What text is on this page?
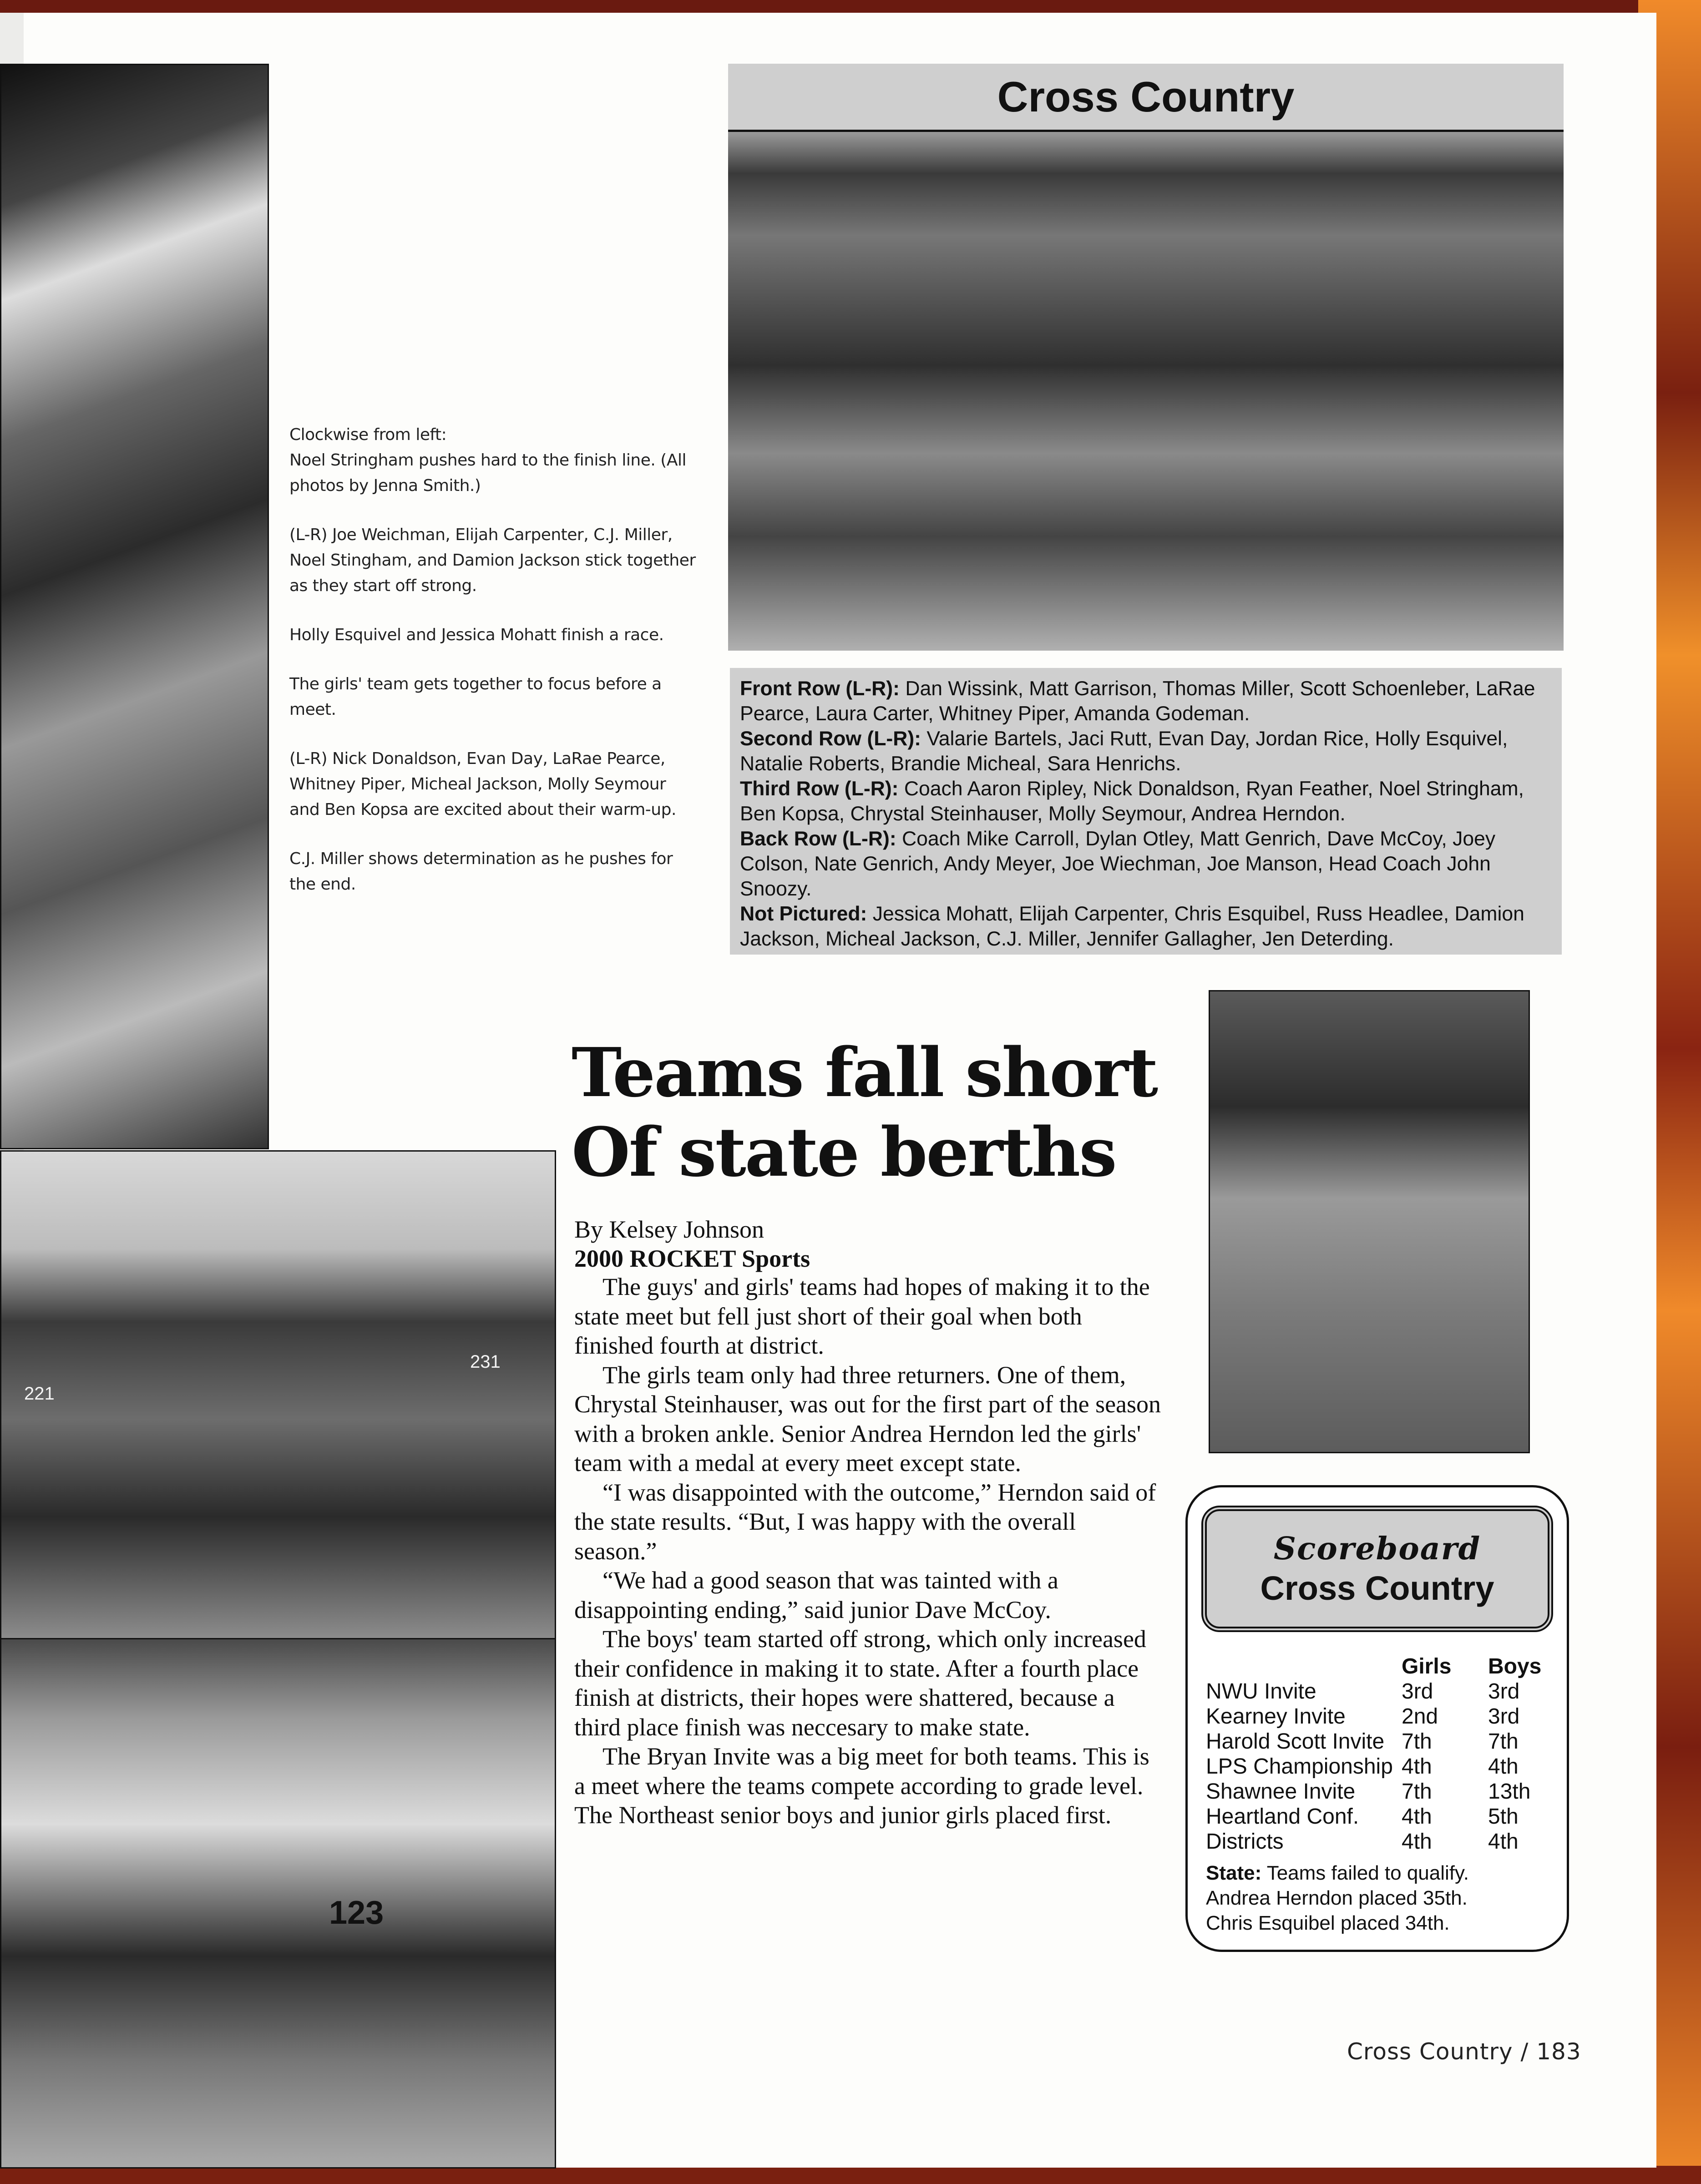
Cross Country

Front Row (L-R): Dan Wissink, Matt Garrison, Thomas Miller, Scott Schoenleber, LaRae Pearce, Laura Carter, Whitney Piper, Amanda Godeman.

Second Row (L-R): Valarie Bartels, Jaci Rutt, Evan Day, Jordan Rice, Holly Esquivel, Natalie Roberts, Brandie Micheal, Sara Henrichs.

Third Row (L-R): Coach Aaron Ripley, Nick Donaldson, Ryan Feather, Noel Stringham, Ben Kopsa, Chrystal Steinhauser, Molly Seymour, Andrea Herndon.

Back Row (L-R): Coach Mike Carroll, Dylan Otley, Matt Genrich, Dave McCoy, Joey Colson, Nate Genrich, Andy Meyer, Joe Wiechman, Joe Manson, Head Coach John Snoozy.

Not Pictured: Jessica Mohatt, Elijah Carpenter, Chris Esquibel, Russ Headlee, Damion Jackson, Micheal Jackson, C.J. Miller, Jennifer Gallagher, Jen Deterding.

Clockwise from left:
Noel Stringham pushes hard to the finish line. (All photos by Jenna Smith.)

(L-R) Joe Weichman, Elijah Carpenter, C.J. Miller, Noel Stingham, and Damion Jackson stick together as they start off strong.

Holly Esquivel and Jessica Mohatt finish a race.

The girls' team gets together to focus before a meet.

(L-R) Nick Donaldson, Evan Day, LaRae Pearce, Whitney Piper, Micheal Jackson, Molly Seymour and Ben Kopsa are excited about their warm-up.

C.J. Miller shows determination as he pushes for the end.

221
231
123
Teams fall short
Of state berths
By Kelsey Johnson
2000 ROCKET Sports

The guys' and girls' teams had hopes of making it to the state meet but fell just short of their goal when both finished fourth at district.

The girls team only had three returners. One of them, Chrystal Steinhauser, was out for the first part of the season with a broken ankle. Senior Andrea Herndon led the girls' team with a medal at every meet except state.

“I was disappointed with the outcome,” Herndon said of the state results. “But, I was happy with the overall season.”

“We had a good season that was tainted with a disappointing ending,” said junior Dave McCoy.

The boys' team started off strong, which only increased their confidence in making it to state. After a fourth place finish at districts, their hopes were shattered, because a third place finish was neccesary to make state.

The Bryan Invite was a big meet for both teams. This is a meet where the teams compete according to grade level. The Northeast senior boys and junior girls placed first.

Scoreboard
Cross Country
	Girls	Boys
NWU Invite	3rd	3rd
Kearney Invite	2nd	3rd
Harold Scott Invite	7th	7th
LPS Championship	4th	4th
Shawnee Invite	7th	13th
Heartland Conf.	4th	5th
Districts	4th	4th

State: Teams failed to qualify.

Andrea Herndon placed 35th.

Chris Esquibel placed 34th.

Cross Country / 183
